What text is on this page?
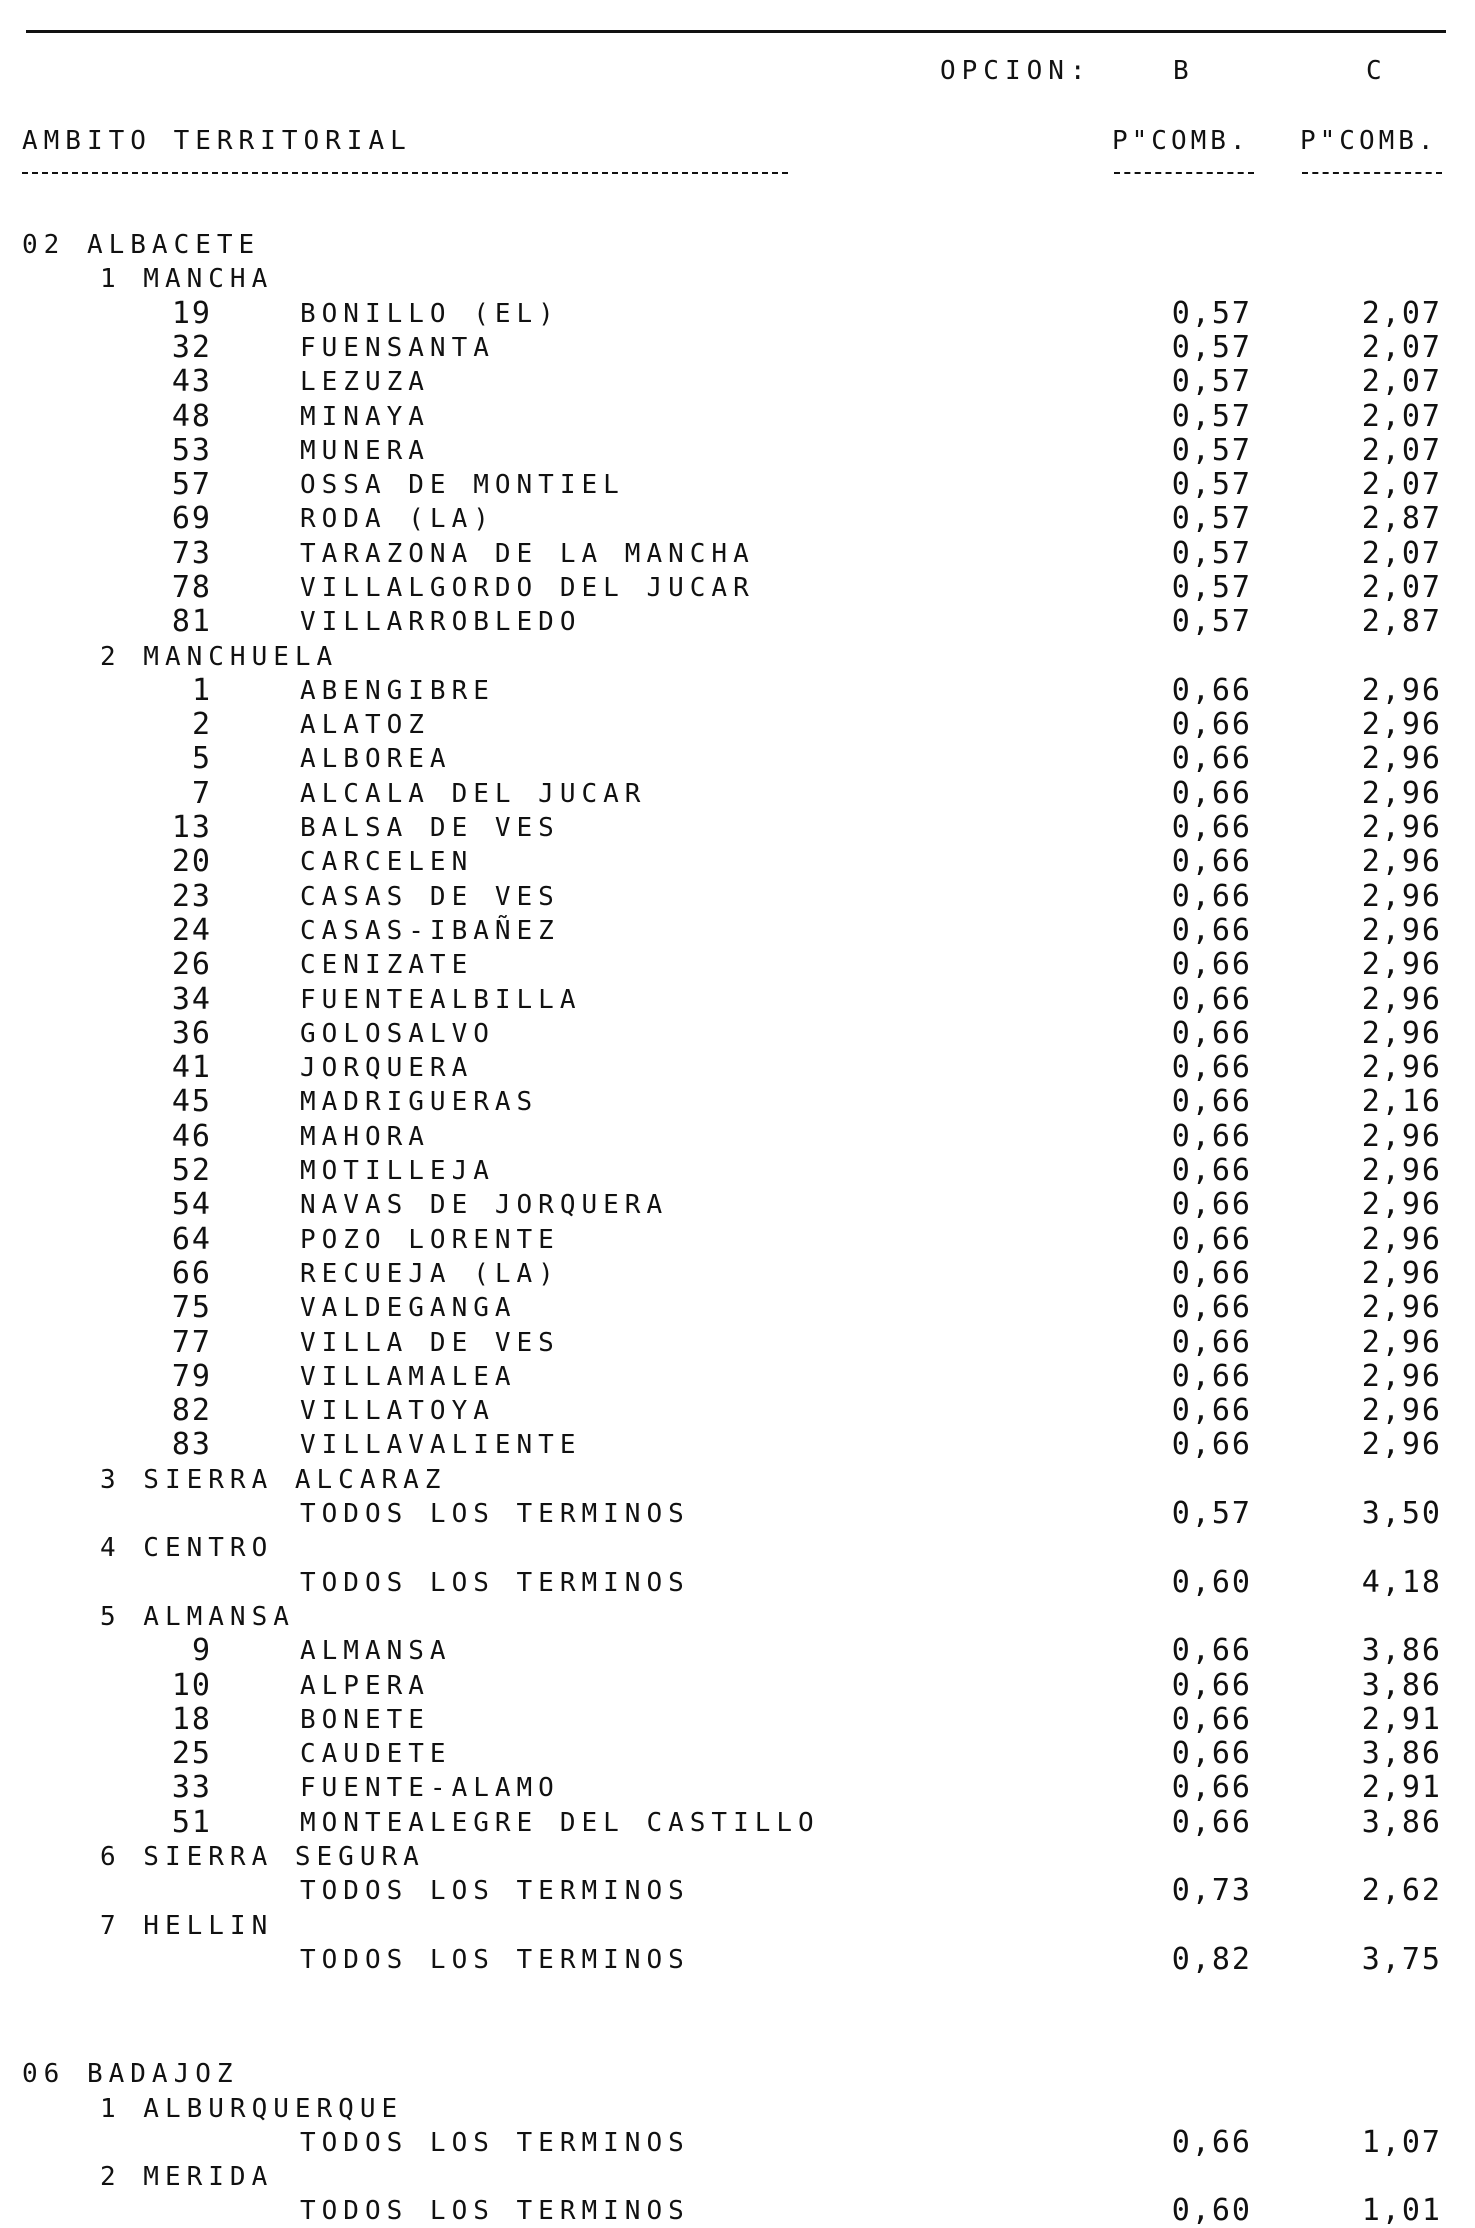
OPCION:	B	C
AMBITO TERRITORIAL	P"COMB. P"COMB.
02 ALBACETE
1 MANCHA
19	BONILLO (EL)	0,57	2,07
32	FUENSANTA	0,57	2,07
43	LEZUZA	0,57	2,07
48	MINAYA	0,57	2,07
53	MUNERA	0,57	2,07
57	OSSA DE MONTIEL	0,57	2,07
69	RODA (LA)	0,57	2,87
73	TARAZONA DE LA MANCHA	0,57	2,07
78	VILLALGORDO DEL JUCAR	0,57	2,07
81	VILLARROBLEDO	0,57	2,87
2 MANCHUELA
1	ABENGIBRE	0,66	2,96
2	ALATOZ	0,66	2,96
5	ALBOREA	0,66	2,96
7	ALCALA DEL JUCAR	0,66	2,96
13	BALSA DE VES	0,66	2,96
20	CARCELEN	0,66	2,96
23	CASAS DE VES	0,66	2,96
24	CASAS-IBAÑEZ	0,66	2,96
26	CENIZATE	0,66	2,96
34	FUENTEALBILLA	0,66	2,96
36	GOLOSALVO	0,66	2,96
41	JORQUERA	0,66	2,96
45	MADRIGUERAS	0,66	2,16
46	MAHORA	0,66	2,96
52	MOTILLEJA	0,66	2,96
54	NAVAS DE JORQUERA	0,66	2,96
64	POZO LORENTE	0,66	2,96
66	RECUEJA (LA)	0,66	2,96
75	VALDEGANGA	0,66	2,96
77	VILLA DE VES	0,66	2,96
79	VILLAMALEA	0,66	2,96
82	VILLATOYA	0,66	2,96
83	VILLAVALIENTE	0,66	2,96
3 SIERRA ALCARAZ
TODOS LOS TERMINOS	0,57	3,50
4 CENTRO
TODOS LOS TERMINOS	0,60	4,18
5 ALMANSA
9	ALMANSA	0,66	3,86
10	ALPERA	0,66	3,86
18	BONETE	0,66	2,91
25	CAUDETE	0,66	3,86
33	FUENTE-ALAMO	0,66	2,91
51	MONTEALEGRE DEL CASTILLO	0,66	3,86
6 SIERRA SEGURA
TODOS LOS TERMINOS	0,73	2,62
7 HELLIN
TODOS LOS TERMINOS	0,82	3,75
06 BADAJOZ
1 ALBURQUERQUE
TODOS LOS TERMINOS	0,66	1,07
2 MERIDA
TODOS LOS TERMINOS	0,60	1,01
